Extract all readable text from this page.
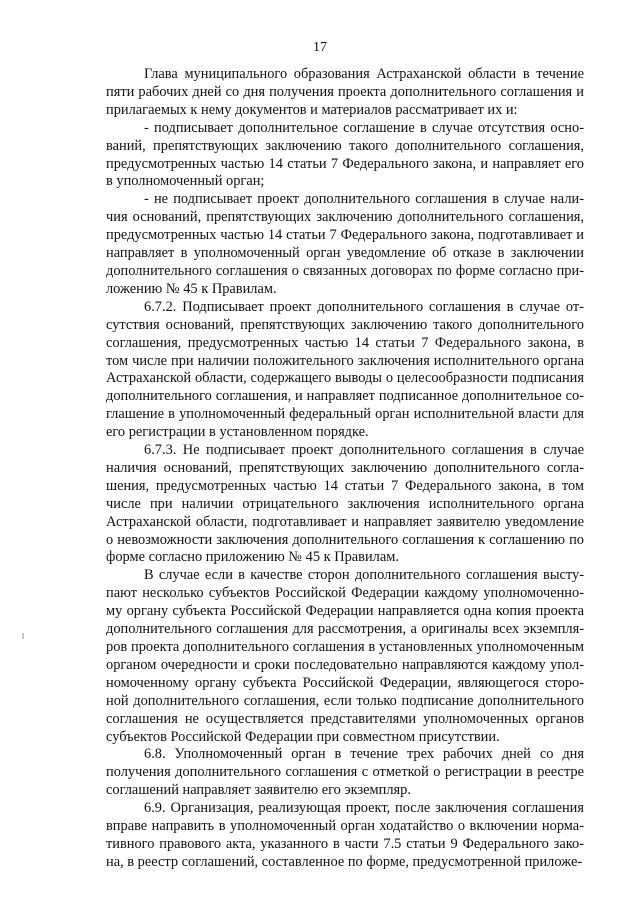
17

Глава муниципального образования Астраханской области в течение пяти рабочих дней со дня получения проекта дополнительного соглашения и прилагаемых к нему документов и материалов рассматривает их и:

- подписывает дополнительное соглашение в случае отсутствия оснований, препятствующих заключению такого дополнительного соглашения, предусмотренных частью 14 статьи 7 Федерального закона, и направляет его в уполномоченный орган;

- не подписывает проект дополнительного соглашения в случае наличия оснований, препятствующих заключению дополнительного соглашения, предусмотренных частью 14 статьи 7 Федерального закона, подготавливает и направляет в уполномоченный орган уведомление об отказе в заключении дополнительного соглашения о связанных договорах по форме согласно приложению № 45 к Правилам.

6.7.2. Подписывает проект дополнительного соглашения в случае отсутствия оснований, препятствующих заключению такого дополнительного соглашения, предусмотренных частью 14 статьи 7 Федерального закона, в том числе при наличии положительного заключения исполнительного органа Астраханской области, содержащего выводы о целесообразности подписания дополнительного соглашения, и направляет подписанное дополнительное соглашение в уполномоченный федеральный орган исполнительной власти для его регистрации в установленном порядке.

6.7.3. Не подписывает проект дополнительного соглашения в случае наличия оснований, препятствующих заключению дополнительного соглашения, предусмотренных частью 14 статьи 7 Федерального закона, в том числе при наличии отрицательного заключения исполнительного органа Астраханской области, подготавливает и направляет заявителю уведомление о невозможности заключения дополнительного соглашения к соглашению по форме согласно приложению № 45 к Правилам.

В случае если в качестве сторон дополнительного соглашения выступают несколько субъектов Российской Федерации каждому уполномоченному органу субъекта Российской Федерации направляется одна копия проекта дополнительного соглашения для рассмотрения, а оригиналы всех экземпляров проекта дополнительного соглашения в установленных уполномоченным органом очередности и сроки последовательно направляются каждому уполномоченному органу субъекта Российской Федерации, являющегося стороной дополнительного соглашения, если только подписание дополнительного соглашения не осуществляется представителями уполномоченных органов субъектов Российской Федерации при совместном присутствии.

6.8. Уполномоченный орган в течение трех рабочих дней со дня получения дополнительного соглашения с отметкой о регистрации в реестре соглашений направляет заявителю его экземпляр.

6.9. Организация, реализующая проект, после заключения соглашения вправе направить в уполномоченный орган ходатайство о включении нормативного правового акта, указанного в части 7.5 статьи 9 Федерального закона, в реестр соглашений, составленное по форме, предусмотренной приложе-
